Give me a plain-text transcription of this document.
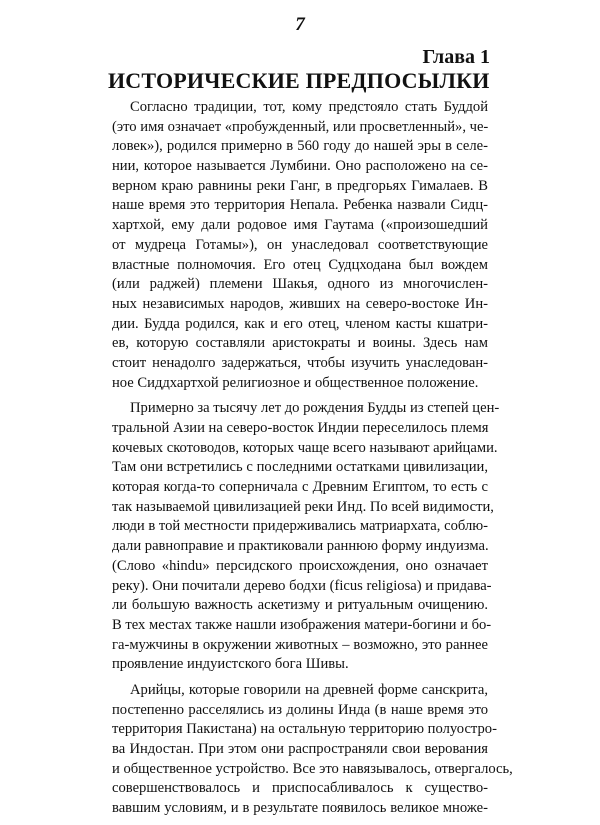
7
Глава 1
ИСТОРИЧЕСКИЕ ПРЕДПОСЫЛКИ

Согласно традиции, тот, кому предстояло стать Буддой
(это имя означает «пробужденный, или просветленный», че-
ловек»), родился примерно в 560 году до нашей эры в селе-
нии, которое называется Лумбини. Оно расположено на се-
верном краю равнины реки Ганг, в предгорьях Гималаев. В
наше время это территория Непала. Ребенка назвали Сидц-
хартхой, ему дали родовое имя Гаутама («произошедший
от мудреца Готамы»), он унаследовал соответствующие
властные полномочия. Его отец Судцходана был вождем
(или раджей) племени Шакья, одного из многочислен-
ных независимых народов, живших на северо-востоке Ин-
дии. Будда родился, как и его отец, членом касты кшатри-
ев, которую составляли аристократы и воины. Здесь нам
стоит ненадолго задержаться, чтобы изучить унаследован-
ное Сиддхартхой религиозное и общественное положение.

Примерно за тысячу лет до рождения Будды из степей цен-
тральной Азии на северо-восток Индии переселилось племя
кочевых скотоводов, которых чаще всего называют арийцами.
Там они встретились с последними остатками цивилизации,
которая когда-то соперничала с Древним Египтом, то есть с
так называемой цивилизацией реки Инд. По всей видимости,
люди в той местности придерживались матриархата, соблю-
дали равноправие и практиковали раннюю форму индуизма.
(Слово «hindu» персидского происхождения, оно означает
реку). Они почитали дерево бодхи (ficus religiosa) и придава-
ли большую важность аскетизму и ритуальным очищению.
В тех местах также нашли изображения матери-богини и бо-
га-мужчины в окружении животных – возможно, это раннее
проявление индуистского бога Шивы.

Арийцы, которые говорили на древней форме санскрита,
постепенно расселялись из долины Инда (в наше время это
территория Пакистана) на остальную территорию полуостро-
ва Индостан. При этом они распространяли свои верования
и общественное устройство. Все это навязывалось, отвергалось,
совершенствовалось и приспосабливалось к существо-
вавшим условиям, и в результате появилось великое множе-
